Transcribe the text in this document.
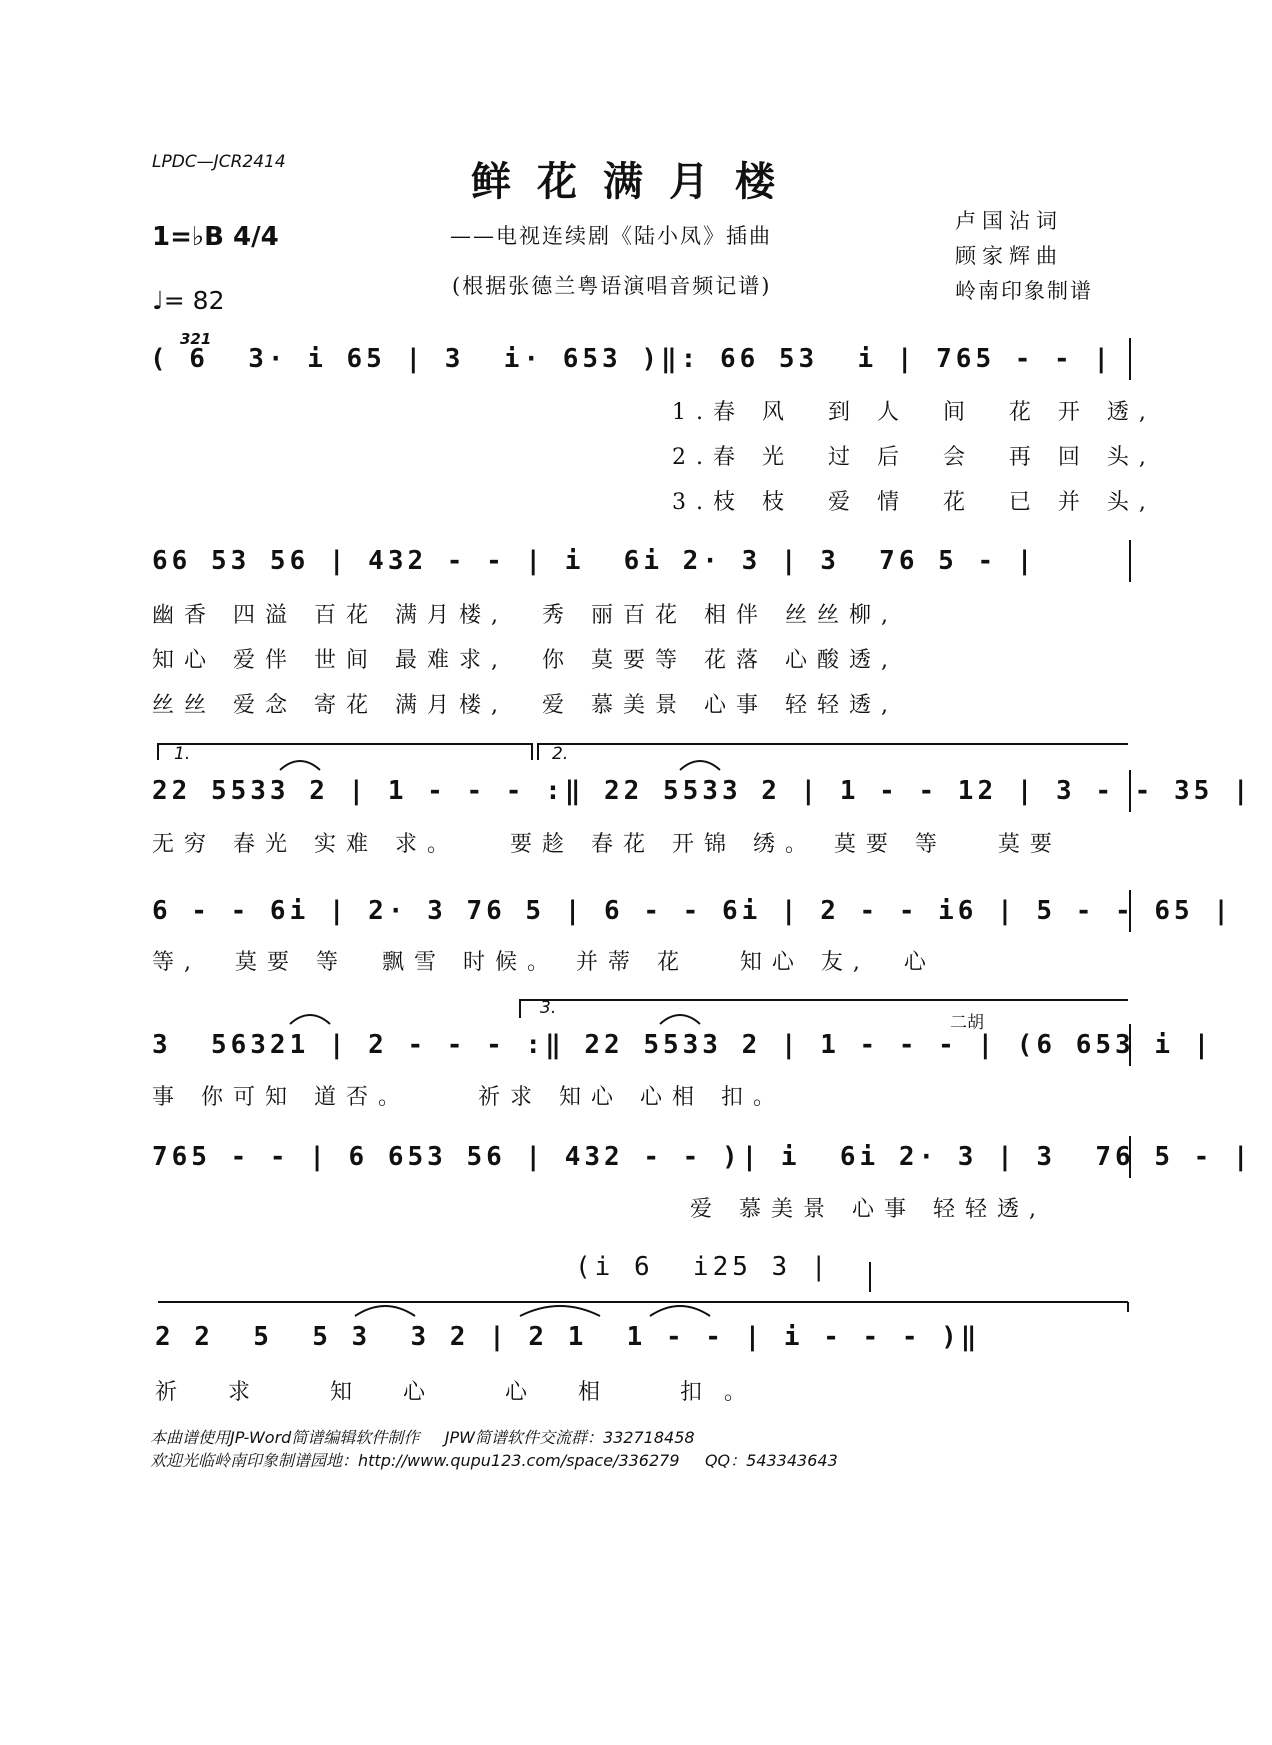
LPDC—JCR2414	鲜花满月楼
——电视连续剧《陆小凤》插曲
(根据张德兰粤语演唱音频记谱)
卢国沾词
顾家辉曲
岭南印象制谱
1=♭B 4/4
♩= 82
321
( 6  3· i 65 | 3  i· 653 )‖: 66 53  i | 765 - - |
1.春 风  到 人  间  花 开 透,
2.春 光  过 后  会  再 回 头,
3.枝 枝  爱 情  花  已 并 头,
66 53 56 | 432 - - | i  6i 2· 3 | 3  76 5 - |
幽香 四溢 百花 满月楼,  秀 丽百花 相伴 丝丝柳,
知心 爱伴 世间 最难求,  你 莫要等 花落 心酸透,
丝丝 爱念 寄花 满月楼,  爱 慕美景 心事 轻轻透,
1.	2.
22 5533 2 | 1 - - - :‖ 22 5533 2 | 1 - - 12 | 3 - - 35 |
无穷 春光 实难 求。   要趁 春花 开锦 绣。 莫要 等   莫要
6 - - 6i | 2· 3 76 5 | 6 - - 6i | 2 - - i6 | 5 - - 65 |
等,  莫要 等  飘雪 时候。 并蒂 花   知心 友,  心
3.
二胡
3  56321 | 2 - - - :‖ 22 5533 2 | 1 - - - | (6 653 i |
事 你可知 道否。    祈求 知心 心相 扣。
765 - - | 6 653 56 | 432 - - )| i  6i 2· 3 | 3  76 5 - |
爱 慕美景 心事 轻轻透,
(i 6  i25 3 |
2 2  5  5 3  3 2 | 2 1  1 - - | i - - - )‖
祈 求  知 心  心 相  扣。
本曲谱使用JP-Word简谱编辑软件制作     JPW简谱软件交流群：332718458
欢迎光临岭南印象制谱园地：http://www.qupu123.com/space/336279     QQ：543343643
